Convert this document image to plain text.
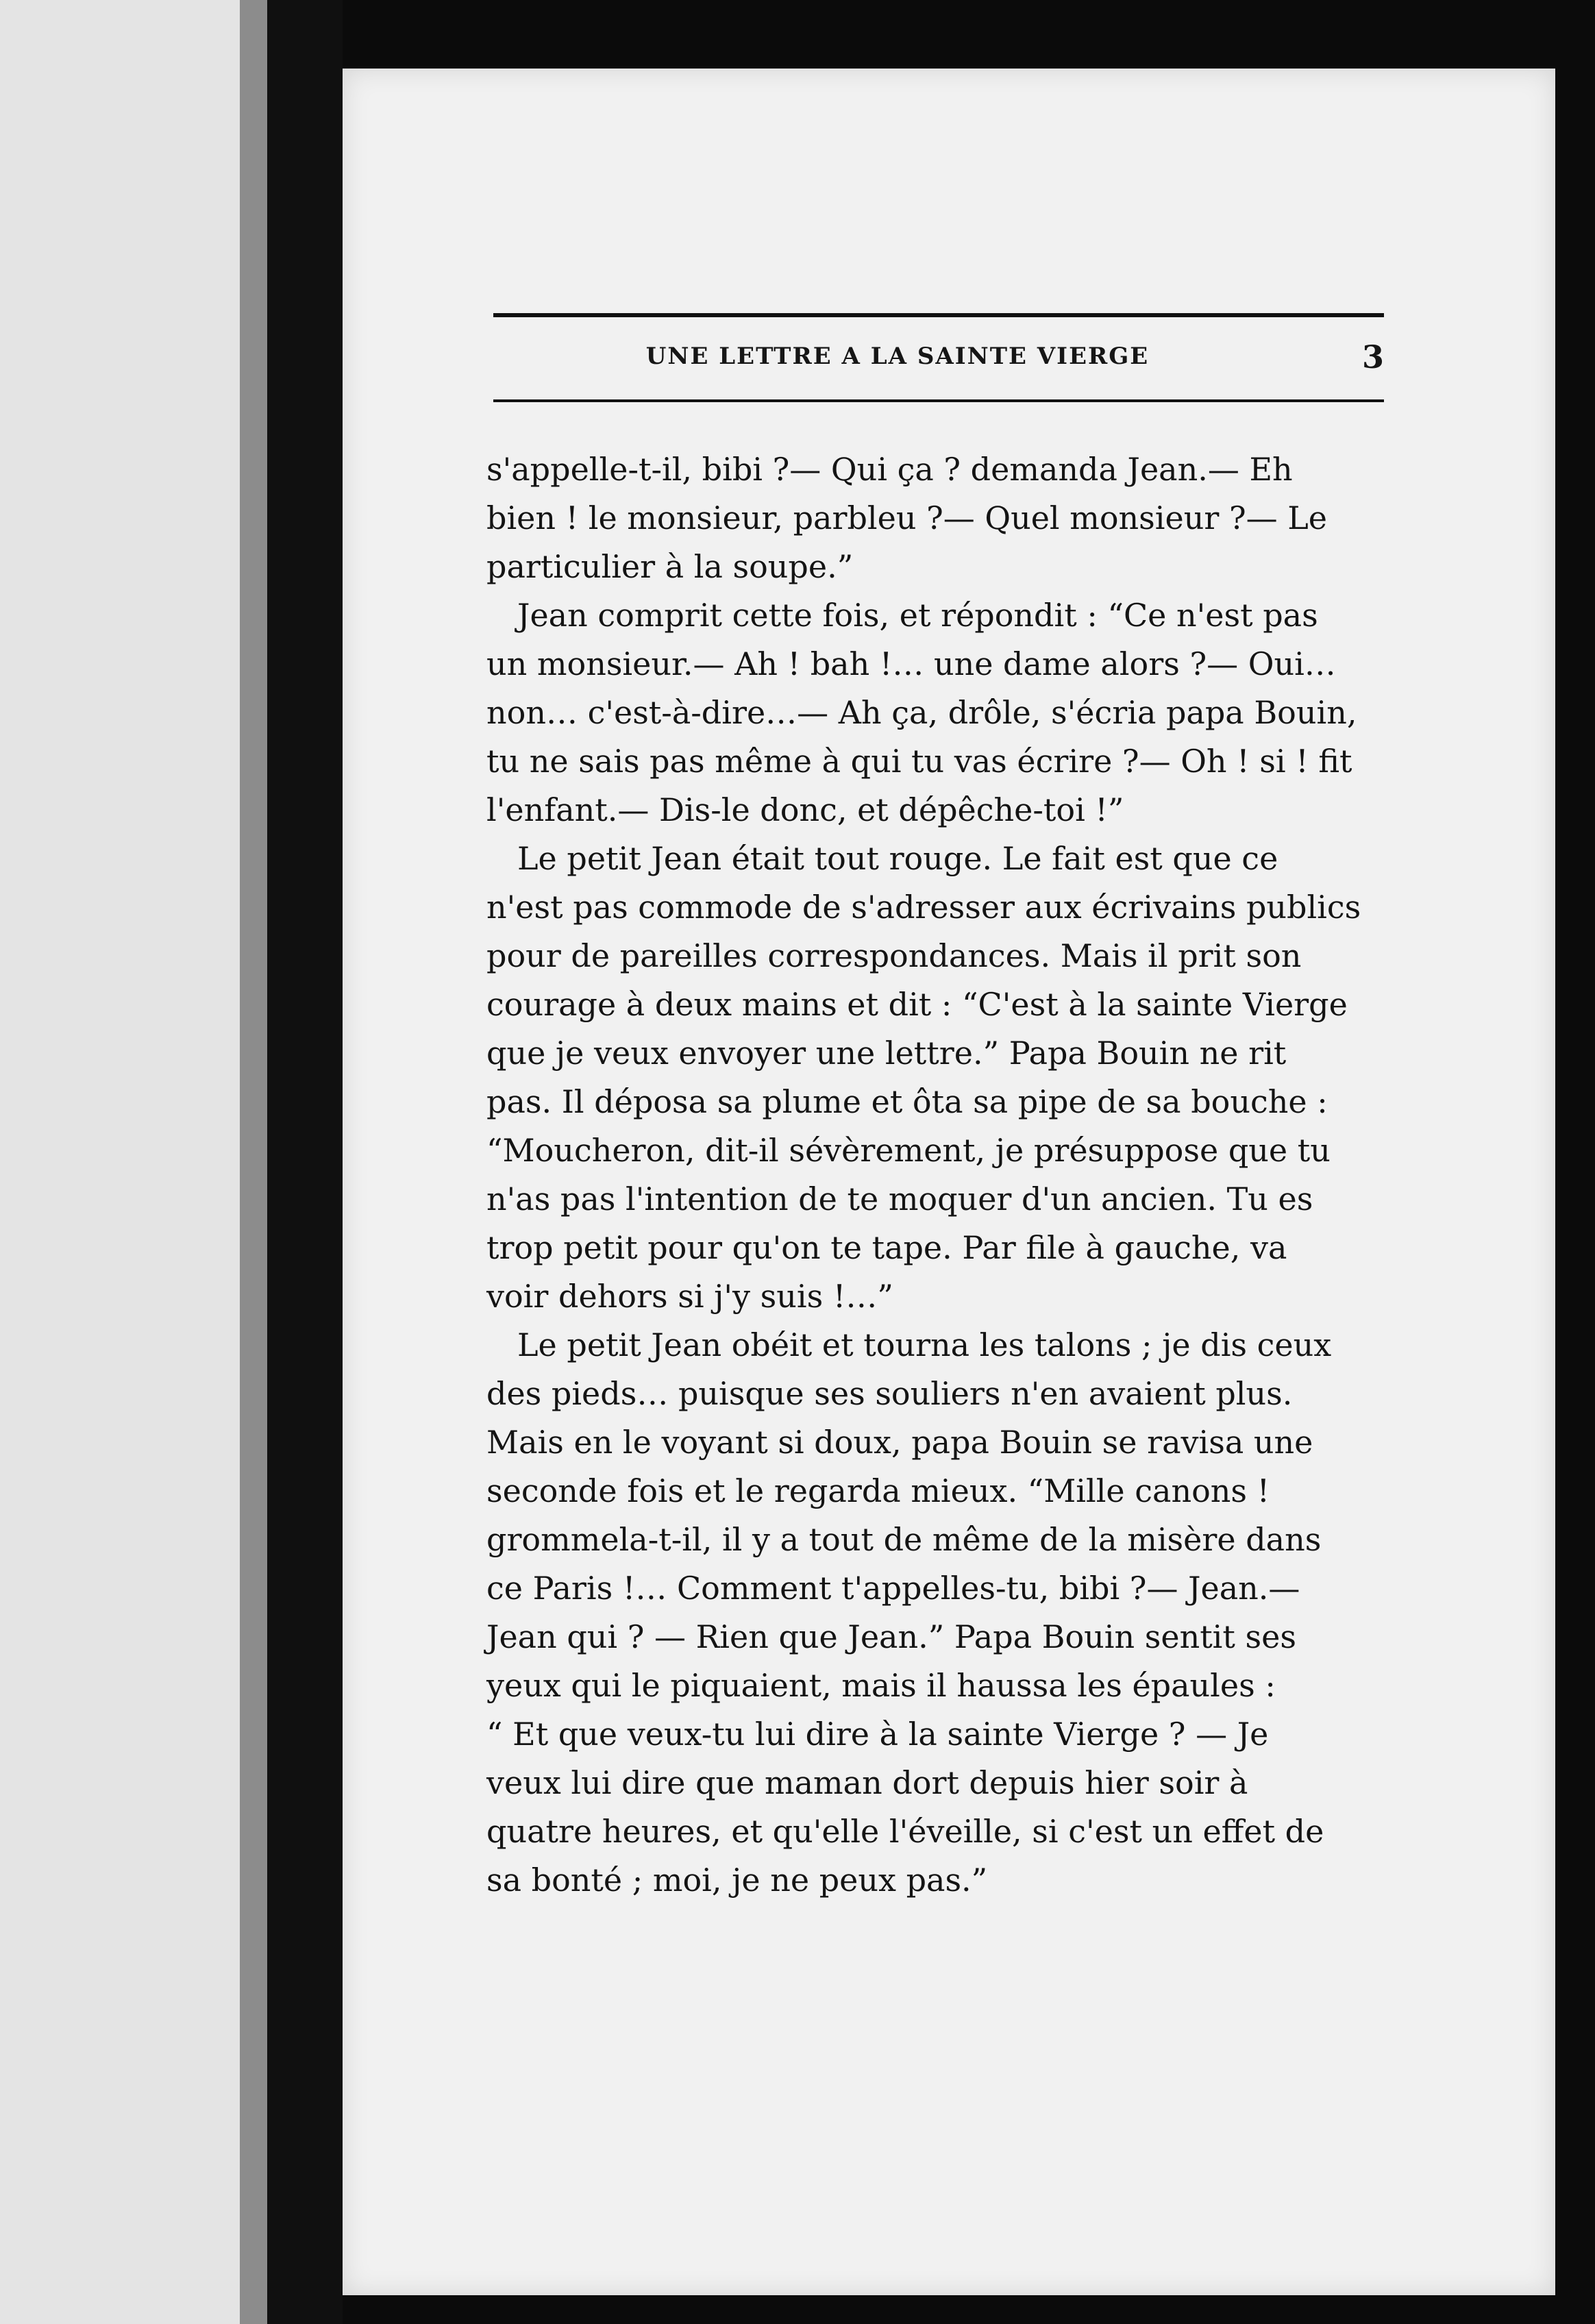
UNE LETTRE A LA SAINTE VIERGE	3
s'appelle-t-il, bibi ?— Qui ça ? demanda Jean.— Eh
bien ! le monsieur, parbleu ?— Quel monsieur ?— Le
particulier à la soupe.”
Jean comprit cette fois, et répondit : “Ce n'est pas
un monsieur.— Ah ! bah !… une dame alors ?— Oui…
non… c'est-à-dire…— Ah ça, drôle, s'écria papa Bouin,
tu ne sais pas même à qui tu vas écrire ?— Oh ! si ! fit
l'enfant.— Dis-le donc, et dépêche-toi !”
Le petit Jean était tout rouge. Le fait est que ce
n'est pas commode de s'adresser aux écrivains publics
pour de pareilles correspondances. Mais il prit son
courage à deux mains et dit : “C'est à la sainte Vierge
que je veux envoyer une lettre.” Papa Bouin ne rit
pas. Il déposa sa plume et ôta sa pipe de sa bouche :
“Moucheron, dit-il sévèrement, je présuppose que tu
n'as pas l'intention de te moquer d'un ancien. Tu es
trop petit pour qu'on te tape. Par file à gauche, va
voir dehors si j'y suis !…”
Le petit Jean obéit et tourna les talons ; je dis ceux
des pieds… puisque ses souliers n'en avaient plus.
Mais en le voyant si doux, papa Bouin se ravisa une
seconde fois et le regarda mieux. “Mille canons !
grommela-t-il, il y a tout de même de la misère dans
ce Paris !… Comment t'appelles-tu, bibi ?— Jean.—
Jean qui ? — Rien que Jean.” Papa Bouin sentit ses
yeux qui le piquaient, mais il haussa les épaules :
“ Et que veux-tu lui dire à la sainte Vierge ? — Je
veux lui dire que maman dort depuis hier soir à
quatre heures, et qu'elle l'éveille, si c'est un effet de
sa bonté ; moi, je ne peux pas.”
